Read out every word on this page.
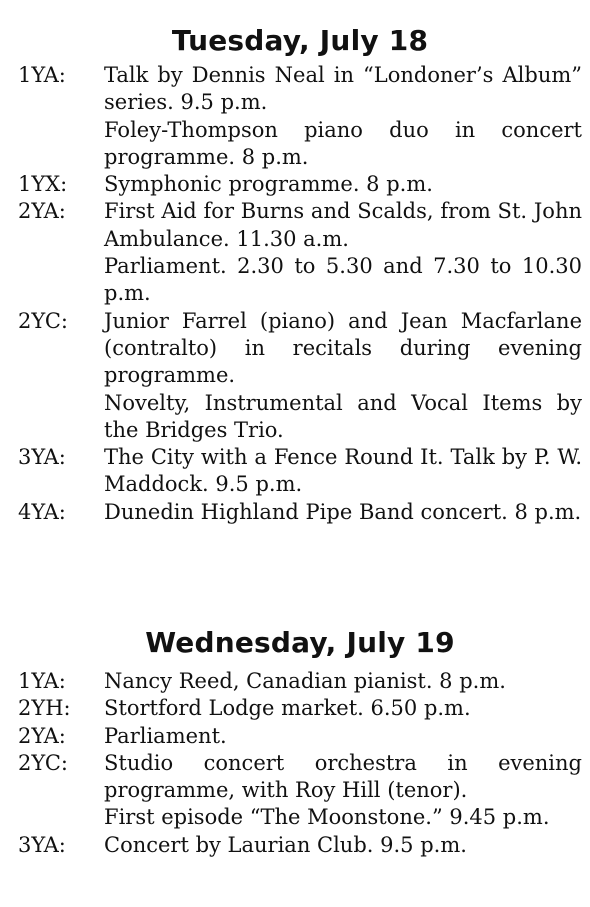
Tuesday, July 18
1YA: Talk by Dennis Neal in “Londoner’s Album” series. 9.5 p.m.
Foley-Thompson piano duo in concert programme. 8 p.m.
1YX: Symphonic programme. 8 p.m.
2YA: First Aid for Burns and Scalds, from St. John Ambulance. 11.30 a.m.
Parliament. 2.30 to 5.30 and 7.30 to 10.30 p.m.
2YC: Junior Farrel (piano) and Jean Macfarlane (contralto) in recitals during evening programme.
Novelty, Instrumental and Vocal Items by the Bridges Trio.
3YA: The City with a Fence Round It. Talk by P. W. Maddock. 9.5 p.m.
4YA: Dunedin Highland Pipe Band concert. 8 p.m.
Wednesday, July 19
1YA: Nancy Reed, Canadian pianist. 8 p.m.
2YH: Stortford Lodge market. 6.50 p.m.
2YA: Parliament.
2YC: Studio concert orchestra in evening programme, with Roy Hill (tenor).
First episode “The Moonstone.” 9.45 p.m.
3YA: Concert by Laurian Club. 9.5 p.m.
